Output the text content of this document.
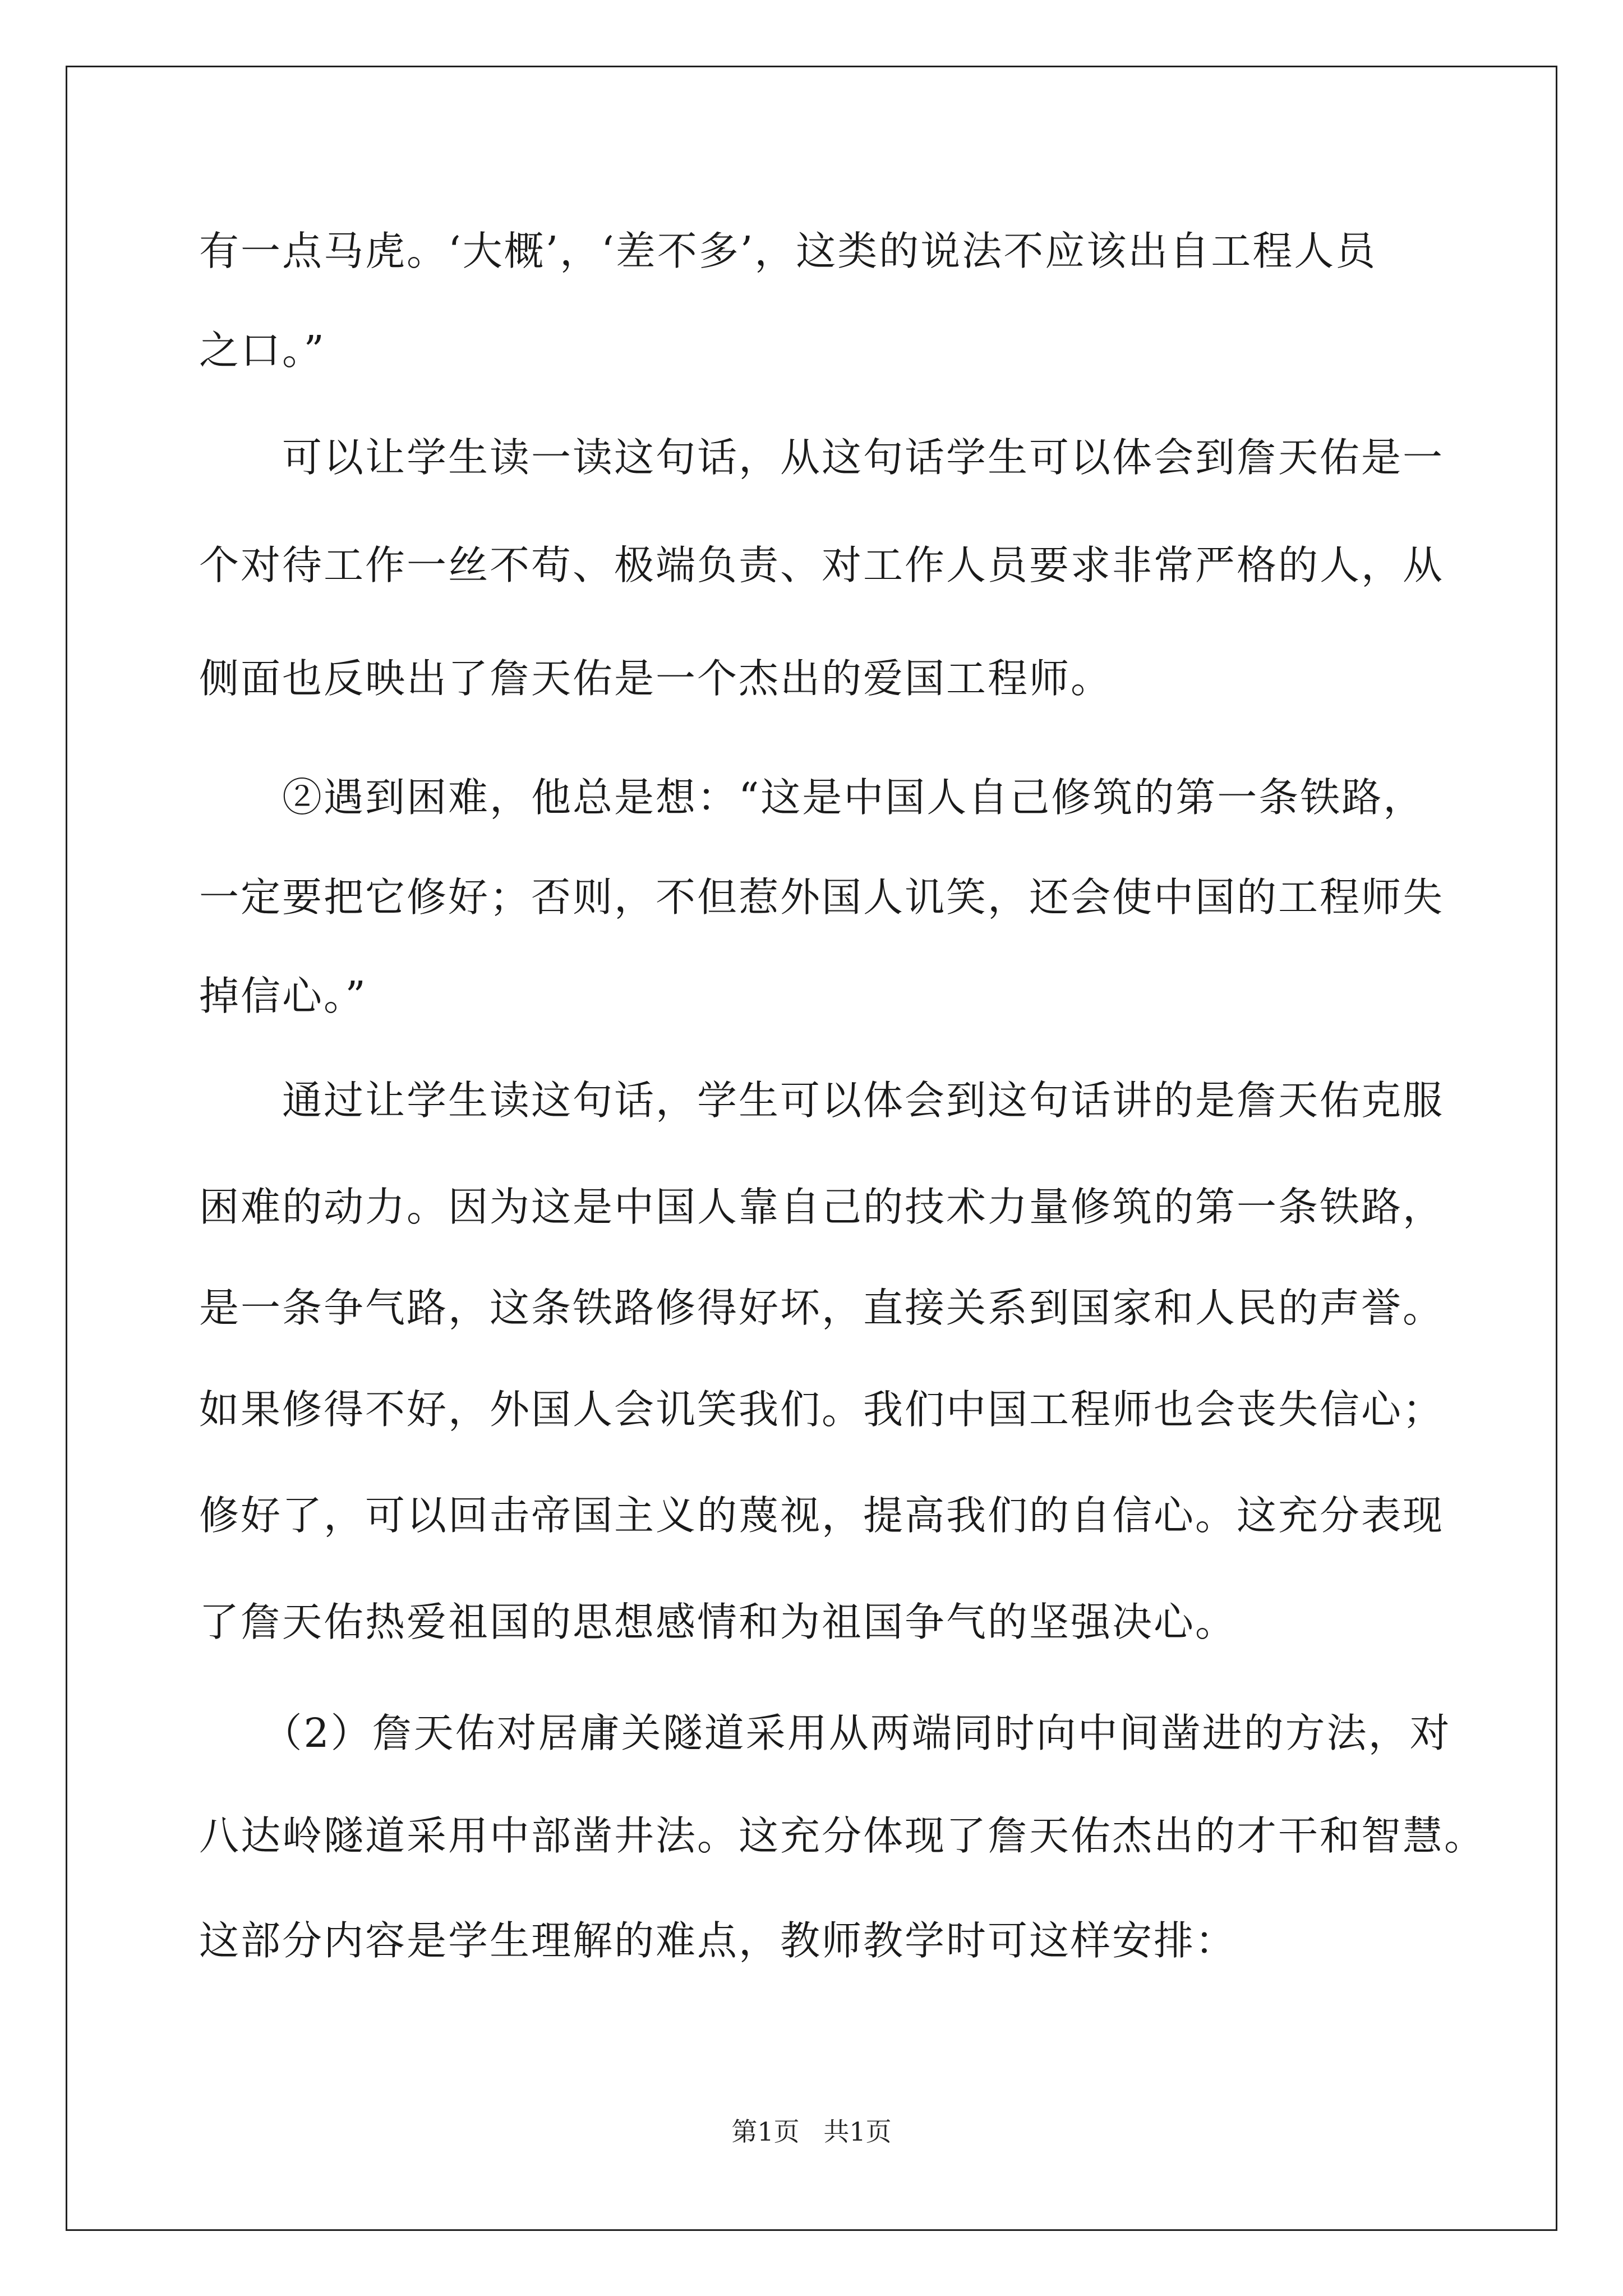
有一点马虎。‘大概’，‘差不多’，这类的说法不应该出自工程人员
之口。”
　　可以让学生读一读这句话，从这句话学生可以体会到詹天佑是一
个对待工作一丝不苟、极端负责、对工作人员要求非常严格的人，从
侧面也反映出了詹天佑是一个杰出的爱国工程师。
　　②遇到困难，他总是想：“这是中国人自己修筑的第一条铁路，
一定要把它修好；否则，不但惹外国人讥笑，还会使中国的工程师失
掉信心。”
　　通过让学生读这句话，学生可以体会到这句话讲的是詹天佑克服
困难的动力。因为这是中国人靠自己的技术力量修筑的第一条铁路，
是一条争气路，这条铁路修得好坏，直接关系到国家和人民的声誉。
如果修得不好，外国人会讥笑我们。我们中国工程师也会丧失信心；
修好了，可以回击帝国主义的蔑视，提高我们的自信心。这充分表现
了詹天佑热爱祖国的思想感情和为祖国争气的坚强决心。
　　（2）詹天佑对居庸关隧道采用从两端同时向中间凿进的方法，对
八达岭隧道采用中部凿井法。这充分体现了詹天佑杰出的才干和智慧。
这部分内容是学生理解的难点，教师教学时可这样安排：
第1页 共1页
